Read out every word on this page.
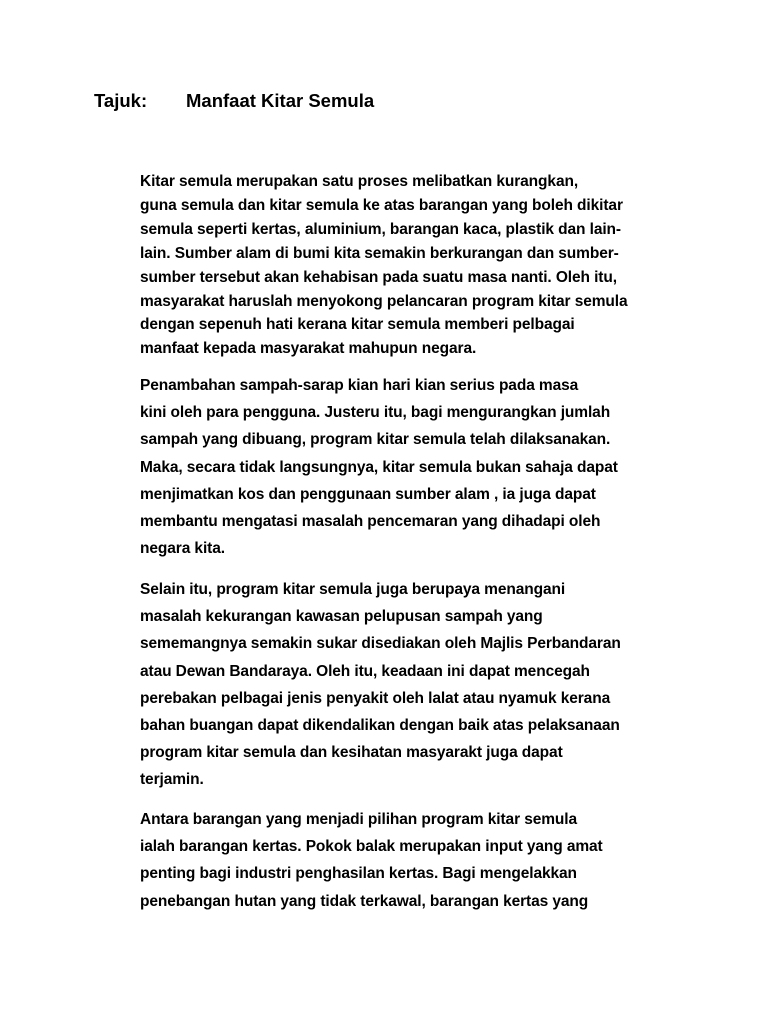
Tajuk: Manfaat Kitar Semula

Kitar semula merupakan satu proses melibatkan kurangkan,
guna semula dan kitar semula ke atas barangan yang boleh dikitar
semula seperti kertas, aluminium, barangan kaca, plastik dan lain-
lain. Sumber alam di bumi kita semakin berkurangan dan sumber-
sumber tersebut akan kehabisan pada suatu masa nanti. Oleh itu,
masyarakat haruslah menyokong pelancaran program kitar semula
dengan sepenuh hati kerana kitar semula memberi pelbagai
manfaat kepada masyarakat mahupun negara.

Penambahan sampah-sarap kian hari kian serius pada masa
kini oleh para pengguna. Justeru itu, bagi mengurangkan jumlah
sampah yang dibuang, program kitar semula telah dilaksanakan.
Maka, secara tidak langsungnya, kitar semula bukan sahaja dapat
menjimatkan kos dan penggunaan sumber alam , ia juga dapat
membantu mengatasi masalah pencemaran yang dihadapi oleh
negara kita.

Selain itu, program kitar semula juga berupaya menangani
masalah kekurangan kawasan pelupusan sampah yang
sememangnya semakin sukar disediakan oleh Majlis Perbandaran
atau Dewan Bandaraya. Oleh itu, keadaan ini dapat mencegah
perebakan pelbagai jenis penyakit oleh lalat atau nyamuk kerana
bahan buangan dapat dikendalikan dengan baik atas pelaksanaan
program kitar semula dan kesihatan masyarakt juga dapat
terjamin.

Antara barangan yang menjadi pilihan program kitar semula
ialah barangan kertas. Pokok balak merupakan input yang amat
penting bagi industri penghasilan kertas. Bagi mengelakkan
penebangan hutan yang tidak terkawal, barangan kertas yang
